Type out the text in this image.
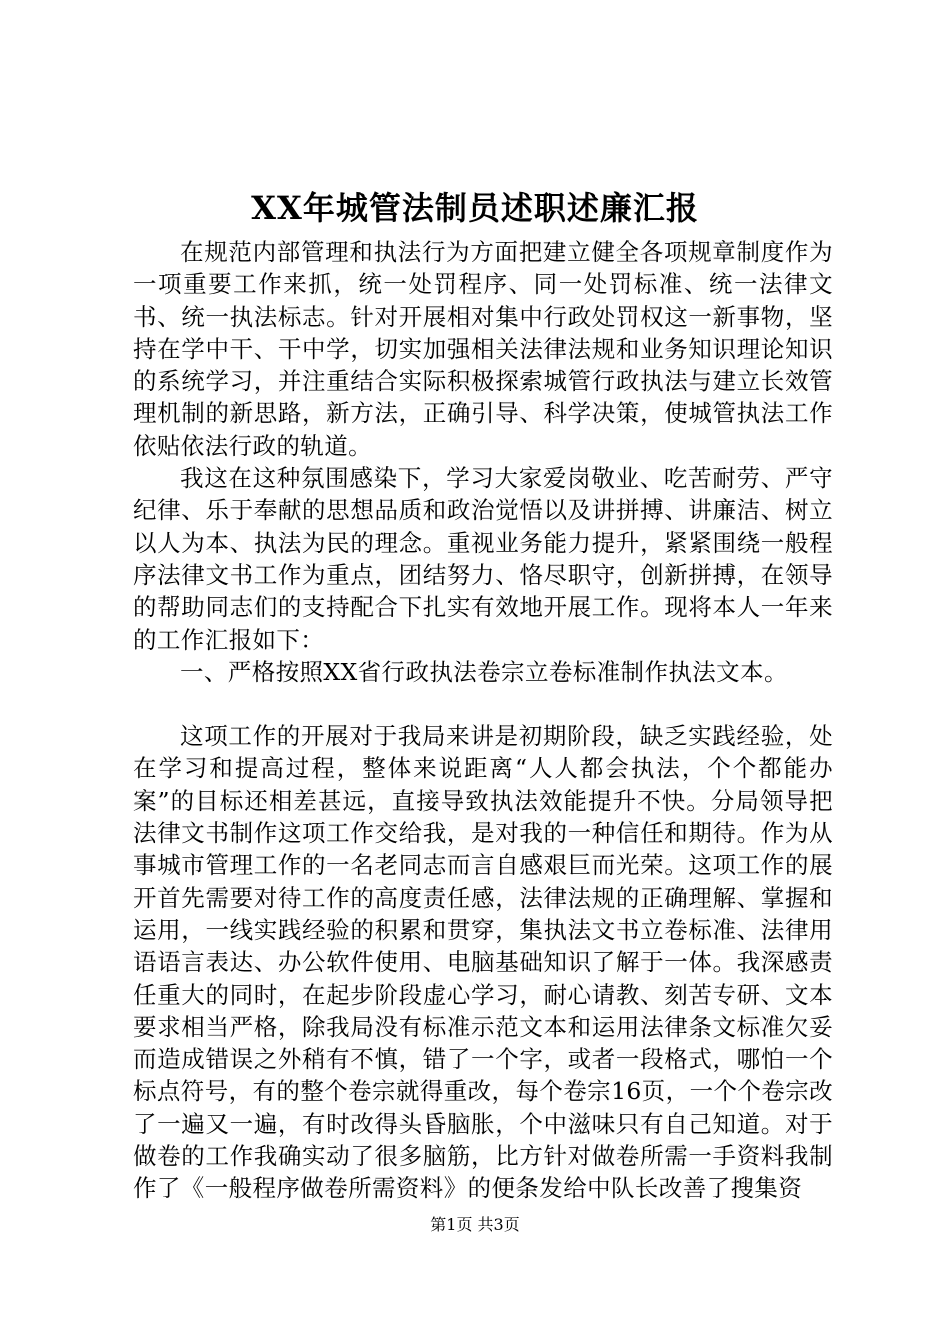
XX年城管法制员述职述廉汇报

在规范内部管理和执法行为方面把建立健全各项规章制度作为一项重要工作来抓，统一处罚程序、同一处罚标准、统一法律文书、统一执法标志。针对开展相对集中行政处罚权这一新事物，坚持在学中干、干中学，切实加强相关法律法规和业务知识理论知识的系统学习，并注重结合实际积极探索城管行政执法与建立长效管理机制的新思路，新方法，正确引导、科学决策，使城管执法工作依贴依法行政的轨道。

我这在这种氛围感染下，学习大家爱岗敬业、吃苦耐劳、严守纪律、乐于奉献的思想品质和政治觉悟以及讲拼搏、讲廉洁、树立以人为本、执法为民的理念。重视业务能力提升，紧紧围绕一般程序法律文书工作为重点，团结努力、恪尽职守，创新拼搏，在领导的帮助同志们的支持配合下扎实有效地开展工作。现将本人一年来的工作汇报如下：

一、严格按照XX省行政执法卷宗立卷标准制作执法文本。

这项工作的开展对于我局来讲是初期阶段，缺乏实践经验，处在学习和提高过程，整体来说距离“人人都会执法，个个都能办案”的目标还相差甚远，直接导致执法效能提升不快。分局领导把法律文书制作这项工作交给我，是对我的一种信任和期待。作为从事城市管理工作的一名老同志而言自感艰巨而光荣。这项工作的展开首先需要对待工作的高度责任感，法律法规的正确理解、掌握和运用，一线实践经验的积累和贯穿，集执法文书立卷标准、法律用语语言表达、办公软件使用、电脑基础知识了解于一体。我深感责任重大的同时，在起步阶段虚心学习，耐心请教、刻苦专研、文本要求相当严格，除我局没有标准示范文本和运用法律条文标准欠妥而造成错误之外稍有不慎，错了一个字，或者一段格式，哪怕一个标点符号，有的整个卷宗就得重改，每个卷宗16页，一个个卷宗改了一遍又一遍，有时改得头昏脑胀，个中滋味只有自己知道。对于做卷的工作我确实动了很多脑筋，比方针对做卷所需一手资料我制作了《一般程序做卷所需资料》的便条发给中队长改善了搜集资

第1页 共3页
